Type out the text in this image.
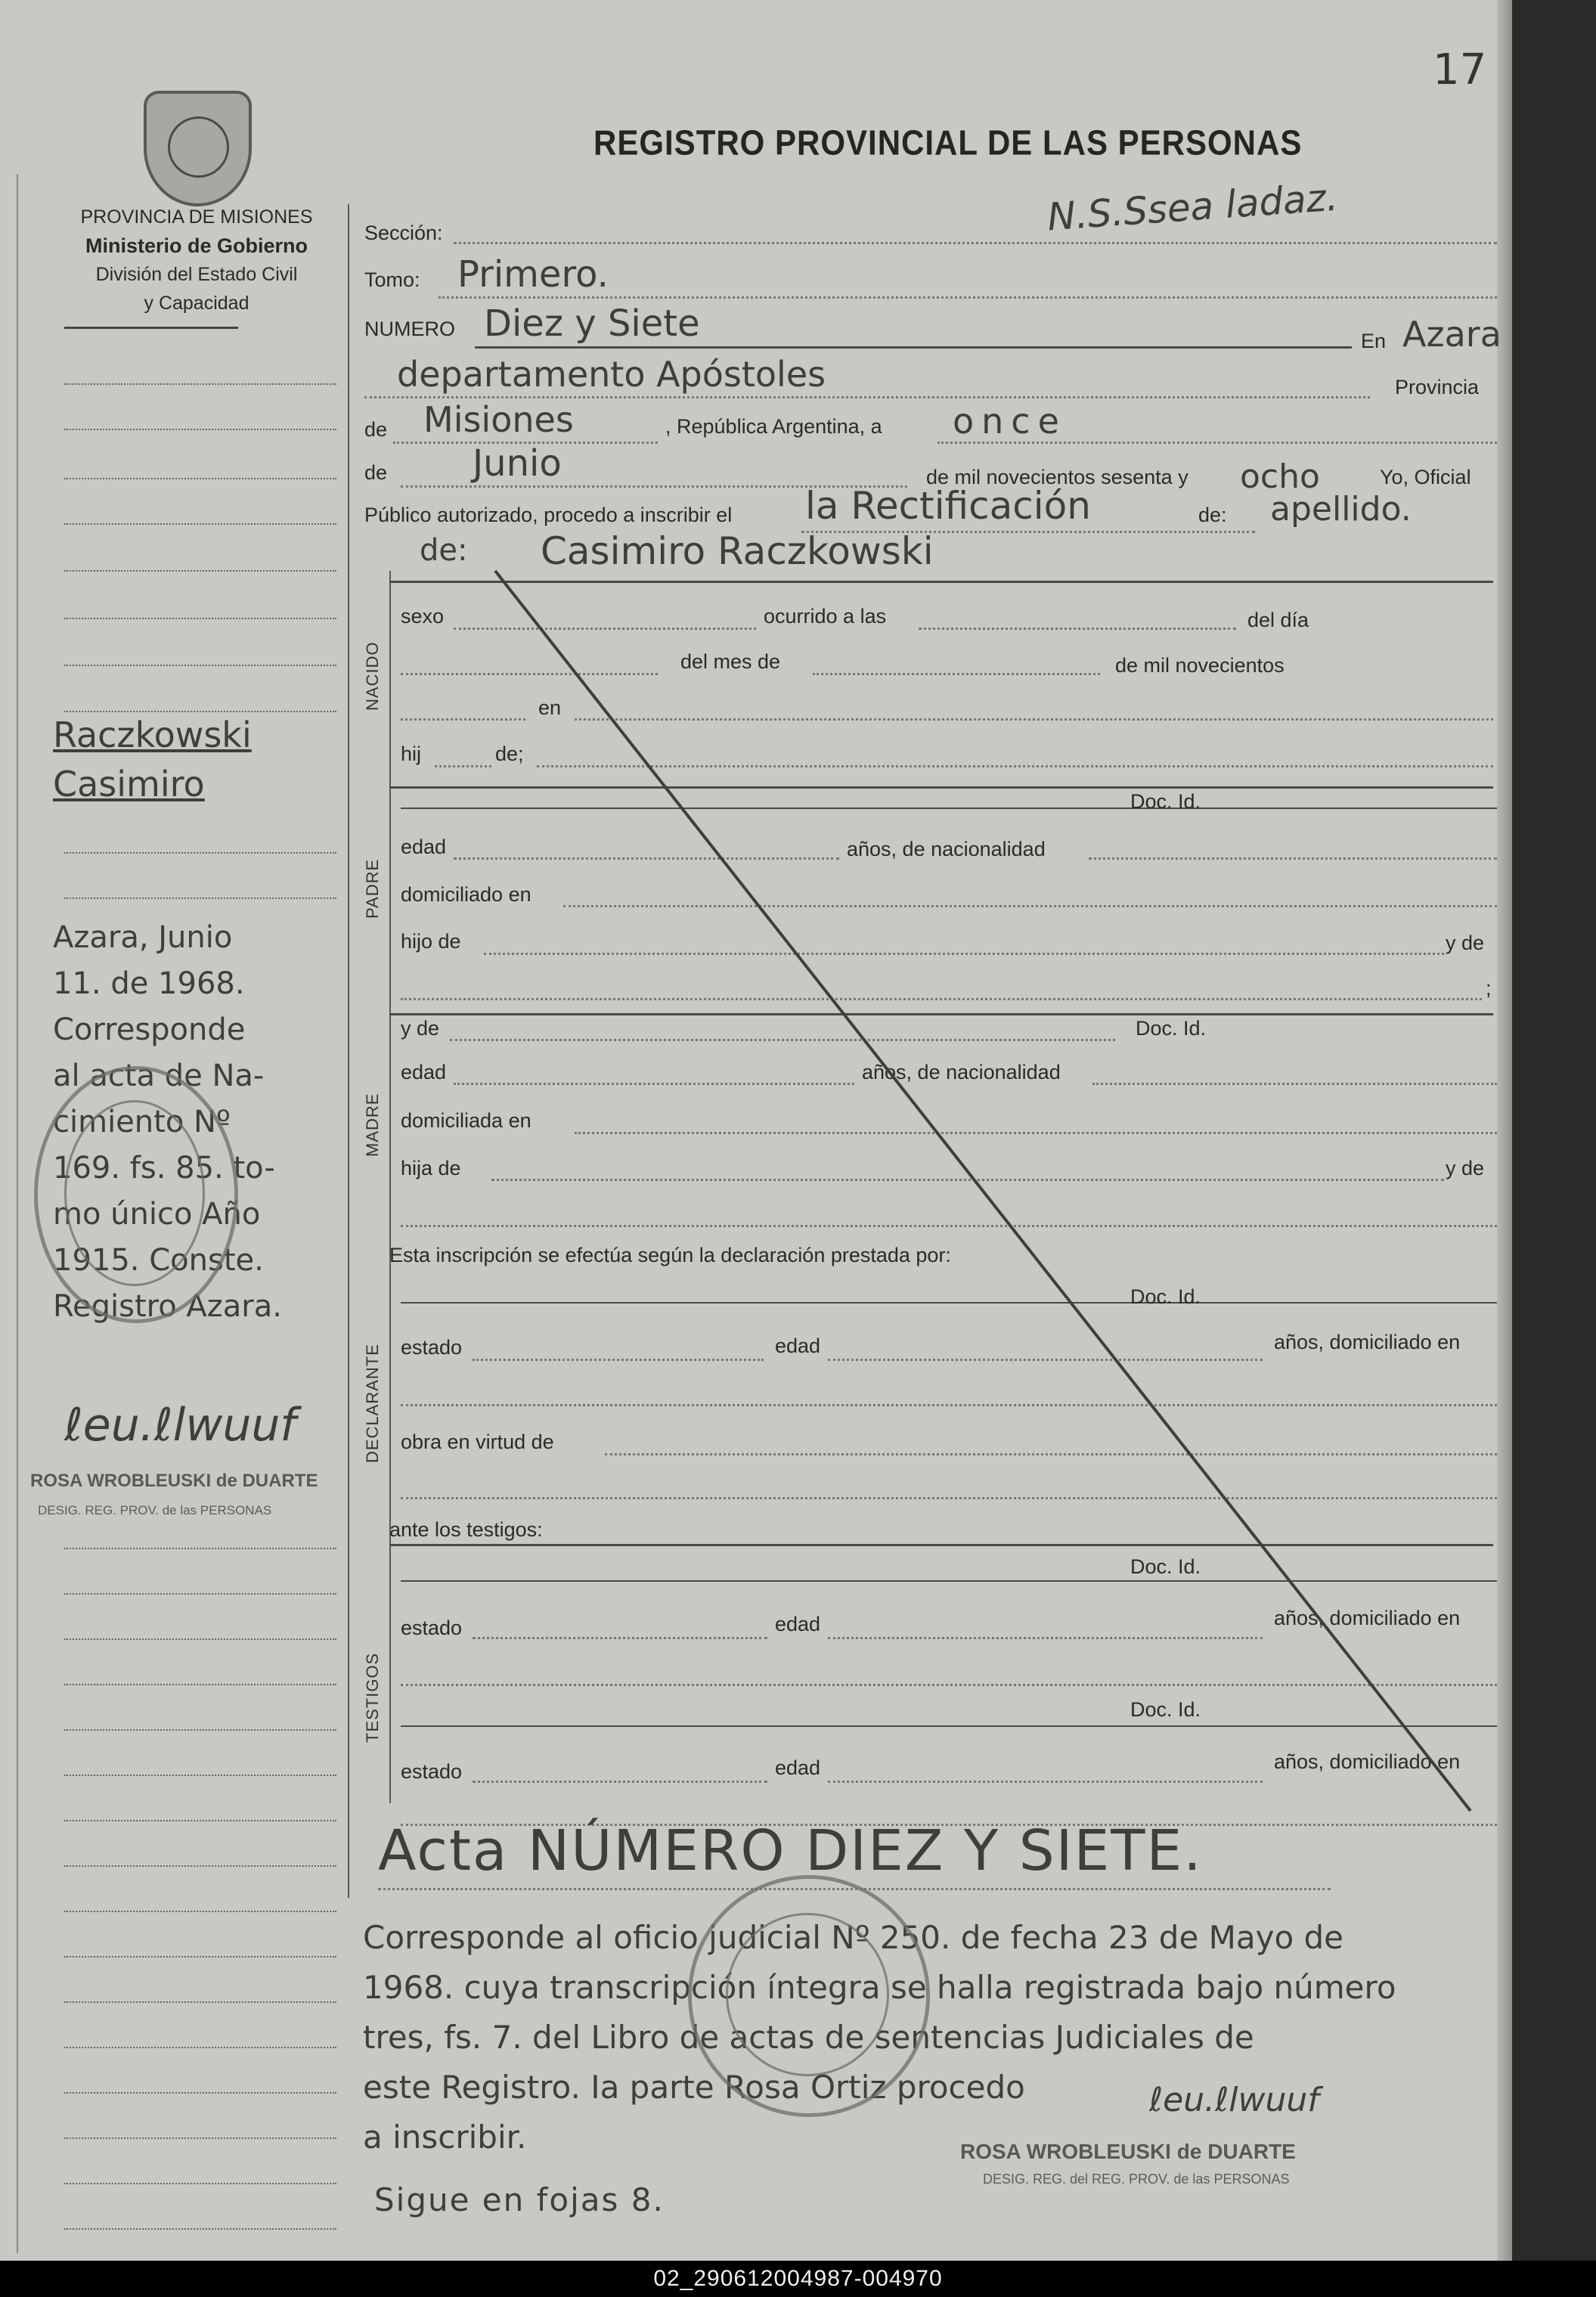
17
PROVINCIA DE MISIONES
Ministerio de Gobierno
División del Estado Civil
y Capacidad
REGISTRO PROVINCIAL DE LAS PERSONAS
N.S.Ssea ladaz.
Sección:
Tomo: Primero.
NUMERO Diez y Siete	En Azara
departamento Apóstoles	Provincia
de Misiones	, República Argentina, a once
de Junio	de mil novecientos sesenta y ocho	Yo, Oficial
Público autorizado, procedo a inscribir el la Rectificación	de: apellido.
de: Casimiro Raczkowski
NACIDO
sexo	ocurrido a las	del día
del mes de	de mil novecientos
en
hij	de;
PADRE
Doc. Id.
edad	años, de nacionalidad
domiciliado en
hijo de	y de
;
MADRE
y de	Doc. Id.
edad	años, de nacionalidad
domiciliada en
hija de	y de
Esta inscripción se efectúa según la declaración prestada por:
DECLARANTE
Doc. Id.
estado	edad	años, domiciliado en
obra en virtud de
ante los testigos:
TESTIGOS
Doc. Id.
estado	edad	años, domiciliado en
Doc. Id.
estado	edad	años, domiciliado en
Acta NÚMERO DIEZ Y SIETE.
Corresponde al oficio judicial Nº 250. de fecha 23 de Mayo de
1968. cuya transcripción íntegra se halla registrada bajo número
tres, fs. 7. del Libro de actas de sentencias Judiciales de
este Registro. Ia parte Rosa Ortiz procedo
a inscribir.
Sigue en fojas 8.
ℓeu.ℓlwuuf
ROSA WROBLEUSKI de DUARTE
DESIG. REG. del REG. PROV. de las PERSONAS
Raczkowski
Casimiro
Azara, Junio
11. de 1968.
Corresponde
al acta de Na-
cimiento Nº
169. fs. 85. to-
mo único Año
1915. Conste.
Registro Azara.
ℓeu.ℓlwuuf
ROSA WROBLEUSKI de DUARTE
DESIG. REG. PROV. de las PERSONAS
02_290612004987-004970
